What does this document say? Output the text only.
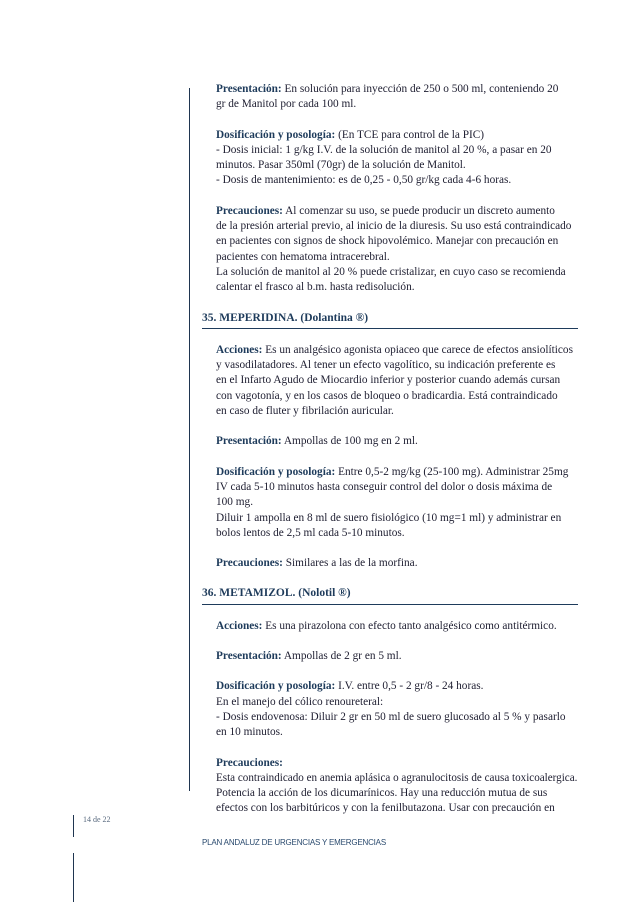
Presentación: En solución para inyección de 250 o 500 ml, conteniendo 20
gr de Manitol por cada 100 ml.
Dosificación y posología: (En TCE para control de la PIC)
- Dosis inicial: 1 g/kg I.V. de la solución de manitol al 20 %, a pasar en 20
minutos. Pasar 350ml (70gr) de la solución de Manitol.
- Dosis de mantenimiento: es de 0,25 - 0,50 gr/kg cada 4-6 horas.
Precauciones: Al comenzar su uso, se puede producir un discreto aumento
de la presión arterial previo, al inicio de la diuresis. Su uso está contraindicado
en pacientes con signos de shock hipovolémico. Manejar con precaución en
pacientes con hematoma intracerebral.
La solución de manitol al 20 % puede cristalizar, en cuyo caso se recomienda
calentar el frasco al b.m. hasta redisolución.
35. MEPERIDINA. (Dolantina ®)
Acciones: Es un analgésico agonista opiaceo que carece de efectos ansiolíticos
y vasodilatadores. Al tener un efecto vagolítico, su indicación preferente es
en el Infarto Agudo de Miocardio inferior y posterior cuando además cursan
con vagotonía, y en los casos de bloqueo o bradicardia. Está contraindicado
en caso de fluter y fibrilación auricular.
Presentación: Ampollas de 100 mg en 2 ml.
Dosificación y posología: Entre 0,5-2 mg/kg (25-100 mg). Administrar 25mg
IV cada 5-10 minutos hasta conseguir control del dolor o dosis máxima de
100 mg.
Diluir 1 ampolla en 8 ml de suero fisiológico (10 mg=1 ml) y administrar en
bolos lentos de 2,5 ml cada 5-10 minutos.
Precauciones: Similares a las de la morfina.
36. METAMIZOL. (Nolotil ®)
Acciones: Es una pirazolona con efecto tanto analgésico como antitérmico.
Presentación: Ampollas de 2 gr en 5 ml.
Dosificación y posología: I.V. entre 0,5 - 2 gr/8 - 24 horas.
En el manejo del cólico renoureteral:
- Dosis endovenosa: Diluir 2 gr en 50 ml de suero glucosado al 5 % y pasarlo
en 10 minutos.
Precauciones:
Esta contraindicado en anemia aplásica o agranulocitosis de causa toxicoalergica.
Potencia la acción de los dicumarínicos. Hay una reducción mutua de sus
efectos con los barbitúricos y con la fenilbutazona. Usar con precaución en
14 de 22
PLAN ANDALUZ DE URGENCIAS Y EMERGENCIAS
